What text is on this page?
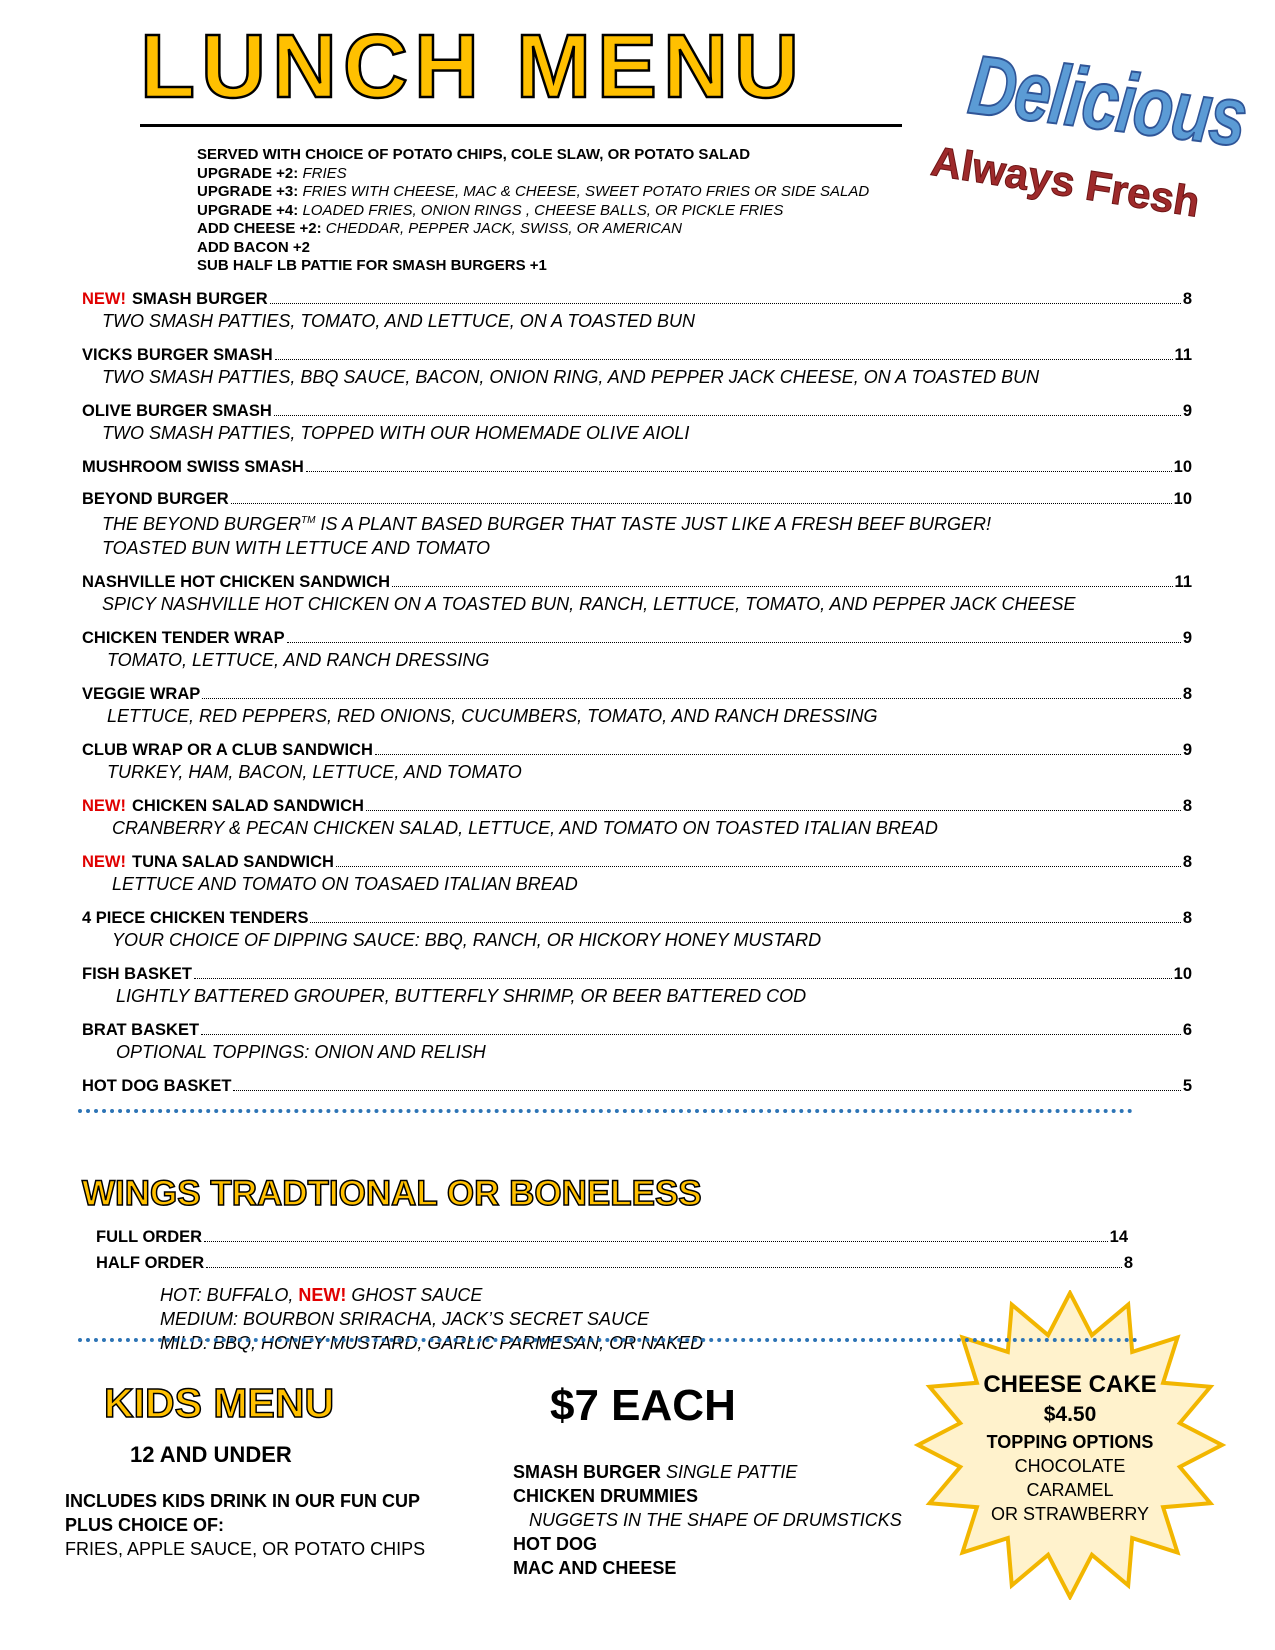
LUNCH MENU Delicious
Always Fresh
SERVED WITH CHOICE OF POTATO CHIPS, COLE SLAW, OR POTATO SALAD
UPGRADE +2: FRIES
UPGRADE +3: FRIES WITH CHEESE, MAC & CHEESE, SWEET POTATO FRIES OR SIDE SALAD
UPGRADE +4: LOADED FRIES, ONION RINGS , CHEESE BALLS, OR PICKLE FRIES
ADD CHEESE +2: CHEDDAR, PEPPER JACK, SWISS, OR AMERICAN
ADD BACON +2
SUB HALF LB PATTIE FOR SMASH BURGERS +1
NEW! SMASH BURGER	8
TWO SMASH PATTIES, TOMATO, AND LETTUCE, ON A TOASTED BUN
VICKS BURGER SMASH	11
TWO SMASH PATTIES, BBQ SAUCE, BACON, ONION RING, AND PEPPER JACK CHEESE, ON A TOASTED BUN
OLIVE BURGER SMASH	9
TWO SMASH PATTIES, TOPPED WITH OUR HOMEMADE OLIVE AIOLI
MUSHROOM SWISS SMASH	10
BEYOND BURGER	10
THE BEYOND BURGER™ IS A PLANT BASED BURGER THAT TASTE JUST LIKE A FRESH BEEF BURGER!
TOASTED BUN WITH LETTUCE AND TOMATO
NASHVILLE HOT CHICKEN SANDWICH	11
SPICY NASHVILLE HOT CHICKEN ON A TOASTED BUN, RANCH, LETTUCE, TOMATO, AND PEPPER JACK CHEESE
CHICKEN TENDER WRAP	9
TOMATO, LETTUCE, AND RANCH DRESSING
VEGGIE WRAP	8
LETTUCE, RED PEPPERS, RED ONIONS, CUCUMBERS, TOMATO, AND RANCH DRESSING
CLUB WRAP OR A CLUB SANDWICH	9
TURKEY, HAM, BACON, LETTUCE, AND TOMATO
NEW! CHICKEN SALAD SANDWICH	8
CRANBERRY & PECAN CHICKEN SALAD, LETTUCE, AND TOMATO ON TOASTED ITALIAN BREAD
NEW! TUNA SALAD SANDWICH	8
LETTUCE AND TOMATO ON TOASAED ITALIAN BREAD
4 PIECE CHICKEN TENDERS	8
YOUR CHOICE OF DIPPING SAUCE: BBQ, RANCH, OR HICKORY HONEY MUSTARD
FISH BASKET	10
LIGHTLY BATTERED GROUPER, BUTTERFLY SHRIMP, OR BEER BATTERED COD
BRAT BASKET	6
OPTIONAL TOPPINGS: ONION AND RELISH
HOT DOG BASKET	5
WINGS TRADTIONAL OR BONELESS
FULL ORDER	14
HALF ORDER	8
HOT: BUFFALO, NEW! GHOST SAUCE
MEDIUM: BOURBON SRIRACHA, JACK’S SECRET SAUCE
MILD: BBQ, HONEY MUSTARD, GARLIC PARMESAN, OR NAKED
KIDS MENU
12 AND UNDER
INCLUDES KIDS DRINK IN OUR FUN CUP
PLUS CHOICE OF:
FRIES, APPLE SAUCE, OR POTATO CHIPS
$7 EACH
SMASH BURGER SINGLE PATTIE
CHICKEN DRUMMIES
NUGGETS IN THE SHAPE OF DRUMSTICKS
HOT DOG
MAC AND CHEESE
CHEESE CAKE
$4.50
TOPPING OPTIONS
CHOCOLATE
CARAMEL
OR STRAWBERRY
